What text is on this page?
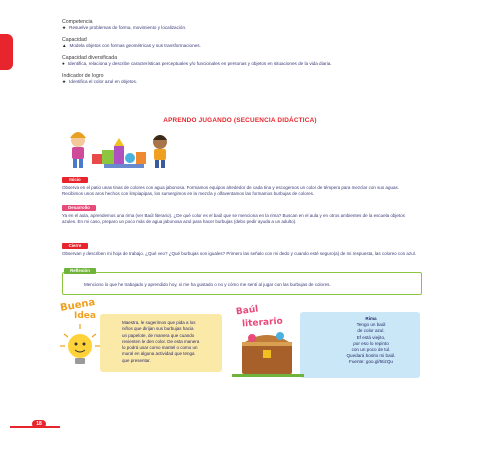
Competencia
★ Resuelve problemas de forma, movimiento y localización.
Capacidad
▲ Modela objetos con formas geométricas y sus transformaciones.
Capacidad diversificada
● Identifica, relaciona y describe características perceptuales y/o funcionales en personas y objetos en situaciones de la vida diaria.
Indicador de logro
★ Identifica el color azul en objetos.
APRENDO JUGANDO (SECUENCIA DIDÁCTICA)
Inicio
Observa en el patio unas tinas de colores con agua jabonosa. Formamos equipos alrededor de cada tina y escogemos un color de témpera para mezclar con sus aguas. Recibimos unos aros hechos con limpiapipas, los sumergimos en la mezcla y olfaventamos las formamos burbujas de colores.
Desarrollo
Ya en el aula, aprendemos una rima (ver Baúl literario). ¿De qué color es el baúl que se menciona en la rima? Buscan en el aula y en otros ambientes de la escuela objetos azules. En mi caso, preparo un poco más de agua jabonosa azul para hacer burbujas (debo pedir ayuda a un adulto).
Cierre
Observan y describen mi hoja de trabajo. ¿Qué veo? ¿Qué burbujas son iguales? Primero las señalo con mi dedo y cuando esté seguro(a) de mi respuesta, las coloreo con azul.
Reflexión
Menciono lo que he trabajado y aprendido hoy, si me ha gustado o no y cómo me sentí al jugar con las burbujas de colores.
Buena
Idea
Maestra, le sugerimos que pida a los
niños que dirijan sus burbujas hacia
un papelote, de manera que cuando
revienten le den color. De esta manera
lo podrá usar como mantel o como un
mural en alguna actividad que tenga
que presentar.
Baúl
literario	Rima
Tengo un baúl
de color azul.
Ef está viejito,
por eso lo repinto
con un poco de tul.
Quedará bonito mi baúl.
Fuente: goo.gl/5tizQu
18
